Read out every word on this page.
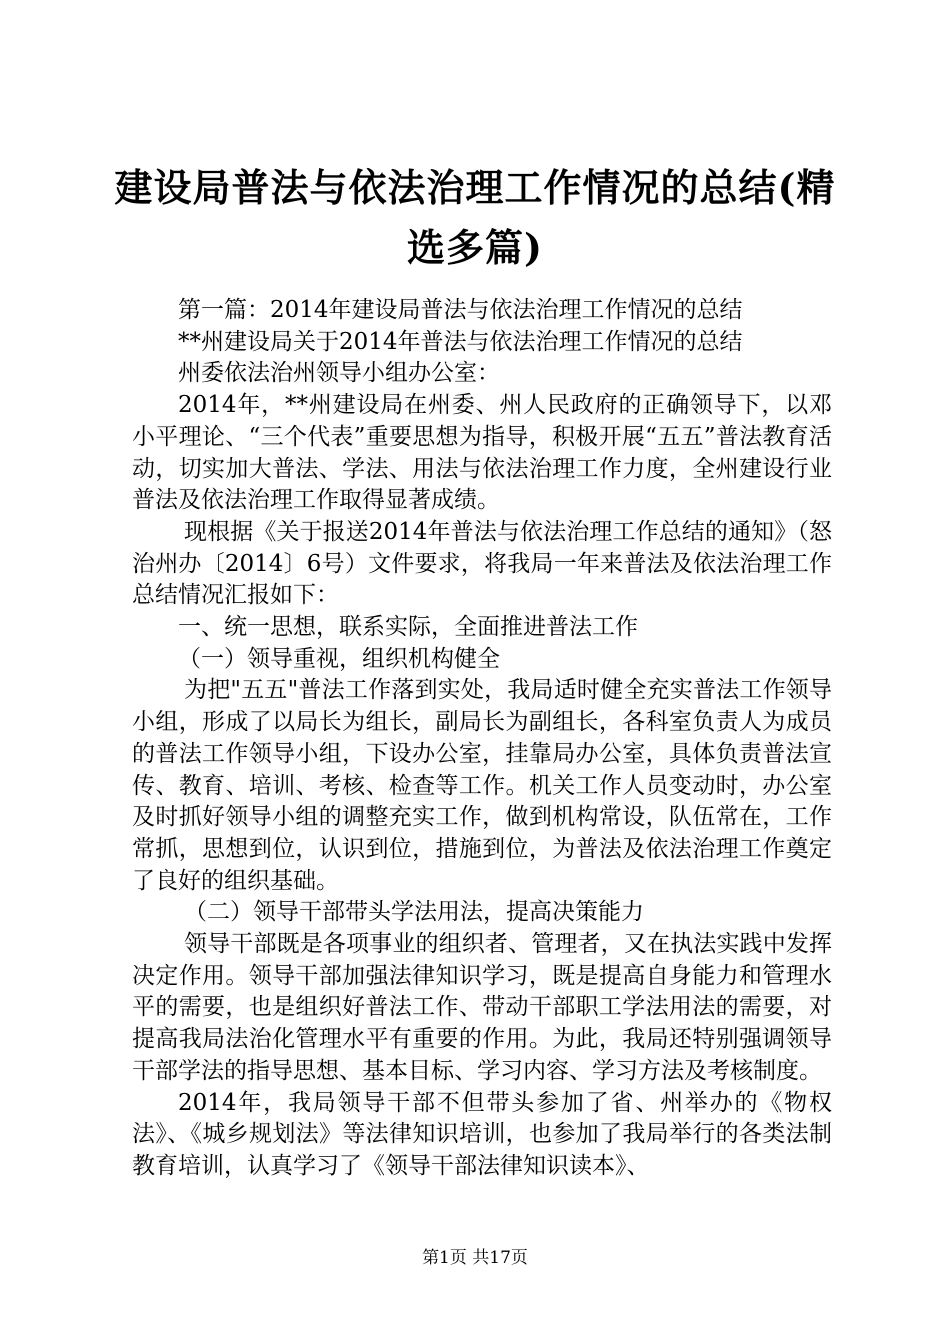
建设局普法与依法治理工作情况的总结(精选多篇)

第一篇：2014年建设局普法与依法治理工作情况的总结

**州建设局关于2014年普法与依法治理工作情况的总结

州委依法治州领导小组办公室：

2014年，**州建设局在州委、州人民政府的正确领导下，以邓小平理论、“三个代表”重要思想为指导，积极开展“五五”普法教育活动，切实加大普法、学法、用法与依法治理工作力度，全州建设行业普法及依法治理工作取得显著成绩。

现根据《关于报送2014年普法与依法治理工作总结的通知》（怒治州办〔2014〕6号）文件要求，将我局一年来普法及依法治理工作总结情况汇报如下：

一、统一思想，联系实际，全面推进普法工作

（一）领导重视，组织机构健全

为把"五五"普法工作落到实处，我局适时健全充实普法工作领导小组，形成了以局长为组长，副局长为副组长，各科室负责人为成员的普法工作领导小组，下设办公室，挂靠局办公室，具体负责普法宣传、教育、培训、考核、检查等工作。机关工作人员变动时，办公室及时抓好领导小组的调整充实工作，做到机构常设，队伍常在，工作常抓，思想到位，认识到位，措施到位，为普法及依法治理工作奠定了良好的组织基础。

（二）领导干部带头学法用法，提高决策能力

领导干部既是各项事业的组织者、管理者，又在执法实践中发挥决定作用。领导干部加强法律知识学习，既是提高自身能力和管理水平的需要，也是组织好普法工作、带动干部职工学法用法的需要，对提高我局法治化管理水平有重要的作用。为此，我局还特别强调领导干部学法的指导思想、基本目标、学习内容、学习方法及考核制度。

2014年，我局领导干部不但带头参加了省、州举办的《物权法》、《城乡规划法》等法律知识培训，也参加了我局举行的各类法制教育培训，认真学习了《领导干部法律知识读本》、

第1页 共17页
